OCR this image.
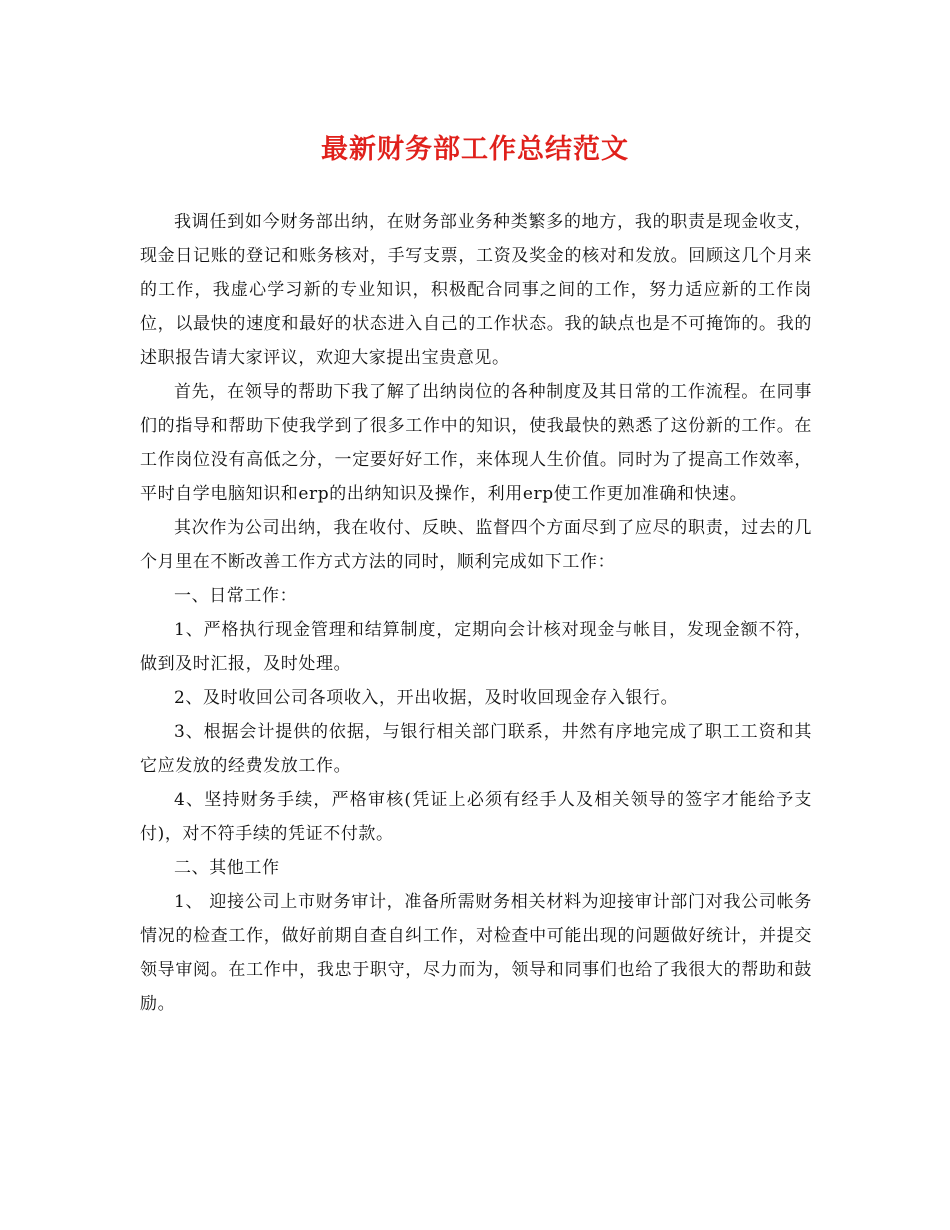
最新财务部工作总结范文

我调任到如今财务部出纳，在财务部业务种类繁多的地方，我的职责是现金收支，现金日记账的登记和账务核对，手写支票，工资及奖金的核对和发放。回顾这几个月来的工作，我虚心学习新的专业知识，积极配合同事之间的工作，努力适应新的工作岗位，以最快的速度和最好的状态进入自己的工作状态。我的缺点也是不可掩饰的。我的述职报告请大家评议，欢迎大家提出宝贵意见。

首先，在领导的帮助下我了解了出纳岗位的各种制度及其日常的工作流程。在同事们的指导和帮助下使我学到了很多工作中的知识，使我最快的熟悉了这份新的工作。在工作岗位没有高低之分，一定要好好工作，来体现人生价值。同时为了提高工作效率，平时自学电脑知识和erp的出纳知识及操作，利用erp使工作更加准确和快速。

其次作为公司出纳，我在收付、反映、监督四个方面尽到了应尽的职责，过去的几个月里在不断改善工作方式方法的同时，顺利完成如下工作：

一、日常工作：

1、严格执行现金管理和结算制度，定期向会计核对现金与帐目，发现金额不符，做到及时汇报，及时处理。

2、及时收回公司各项收入，开出收据，及时收回现金存入银行。

3、根据会计提供的依据，与银行相关部门联系，井然有序地完成了职工工资和其它应发放的经费发放工作。

4、坚持财务手续，严格审核(凭证上必须有经手人及相关领导的签字才能给予支付)，对不符手续的凭证不付款。

二、其他工作

1、 迎接公司上市财务审计，准备所需财务相关材料为迎接审计部门对我公司帐务情况的检查工作，做好前期自查自纠工作，对检查中可能出现的问题做好统计，并提交领导审阅。在工作中，我忠于职守，尽力而为，领导和同事们也给了我很大的帮助和鼓励。
